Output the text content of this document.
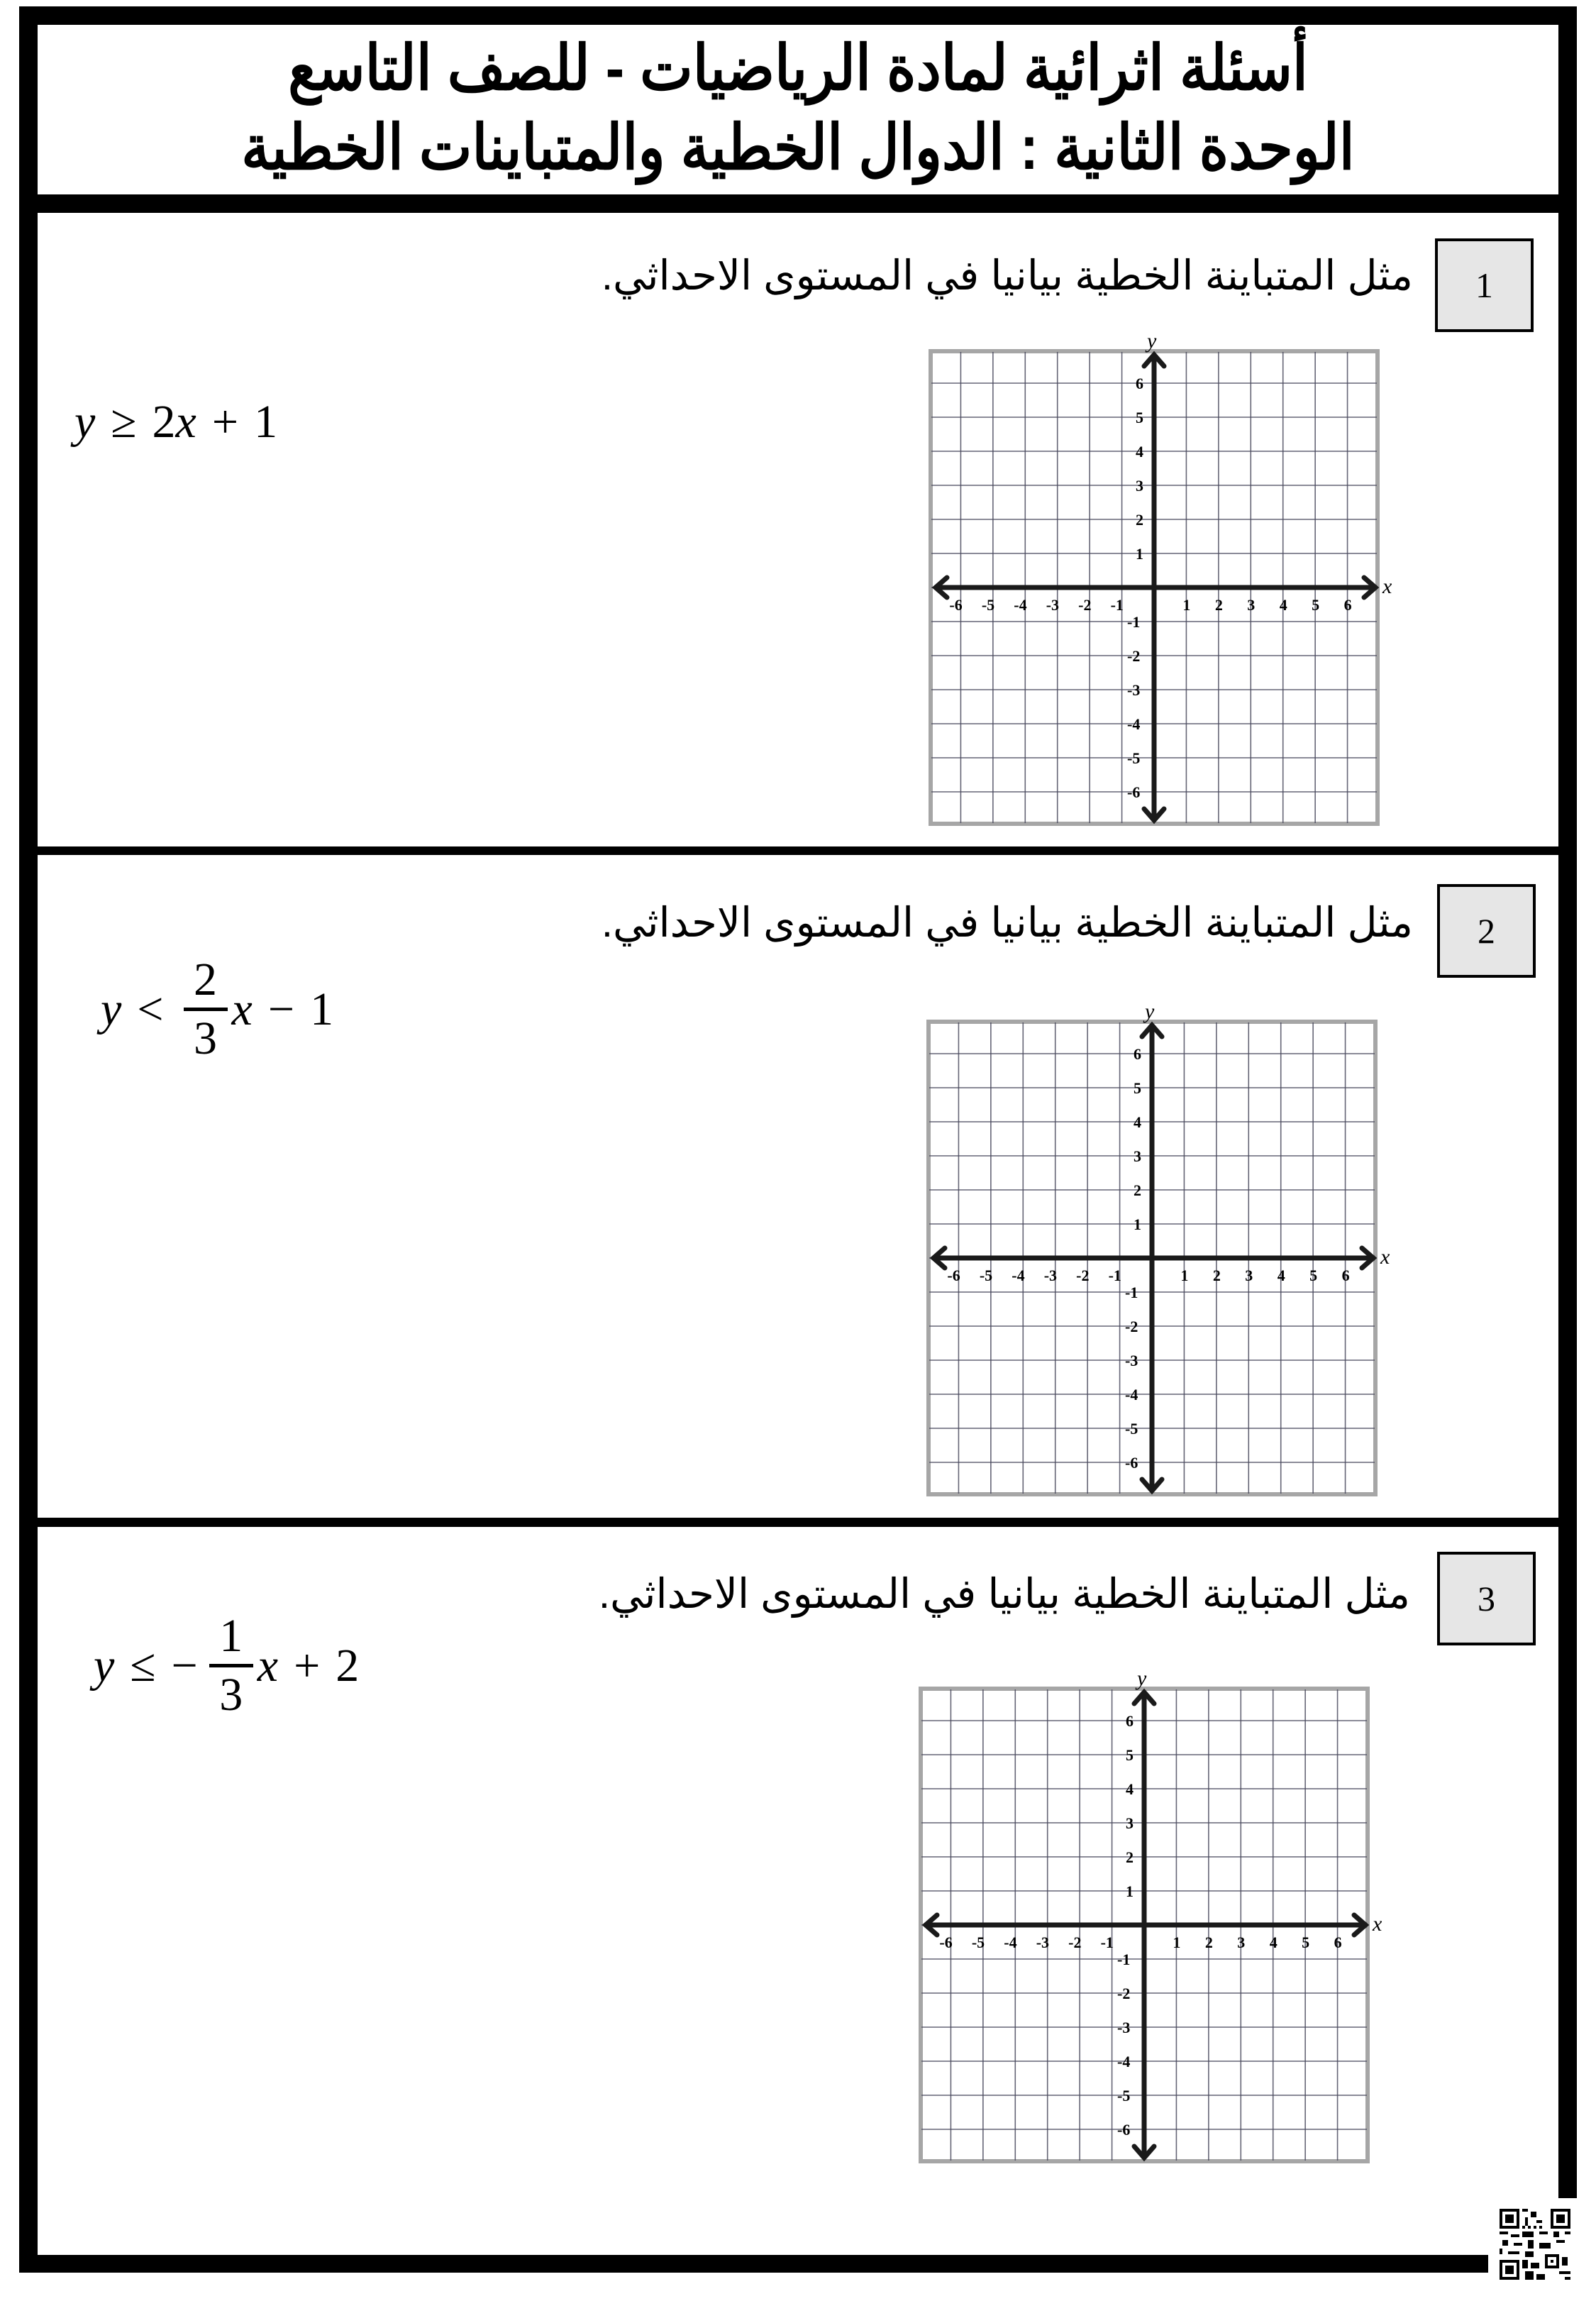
أسئلة اثرائية لمادة الرياضيات - للصف التاسع
الوحدة الثانية : الدوال الخطية والمتباينات الخطية
1
مثل المتباينة الخطية بيانيا في المستوى الاحداثي.
y ≥ 2 x + 1
x
y
-6 -5 -4 -3 -2 -1	1 2 3 4 5 6
6
5
4
3
2
1
-1
-2
-3
-4
-5
-6
2
مثل المتباينة الخطية بيانيا في المستوى الاحداثي.
y <
2
3
x − 1
x
y
-6 -5 -4 -3 -2 -1	1 2 3 4 5 6
6
5
4
3
2
1
-1
-2
-3
-4
-5
-6
3
مثل المتباينة الخطية بيانيا في المستوى الاحداثي.
y ≤ −
1
3
x + 2
x
y
-6 -5 -4 -3 -2 -1	1 2 3 4 5 6
6
5
4
3
2
1
-1
-2
-3
-4
-5
-6
